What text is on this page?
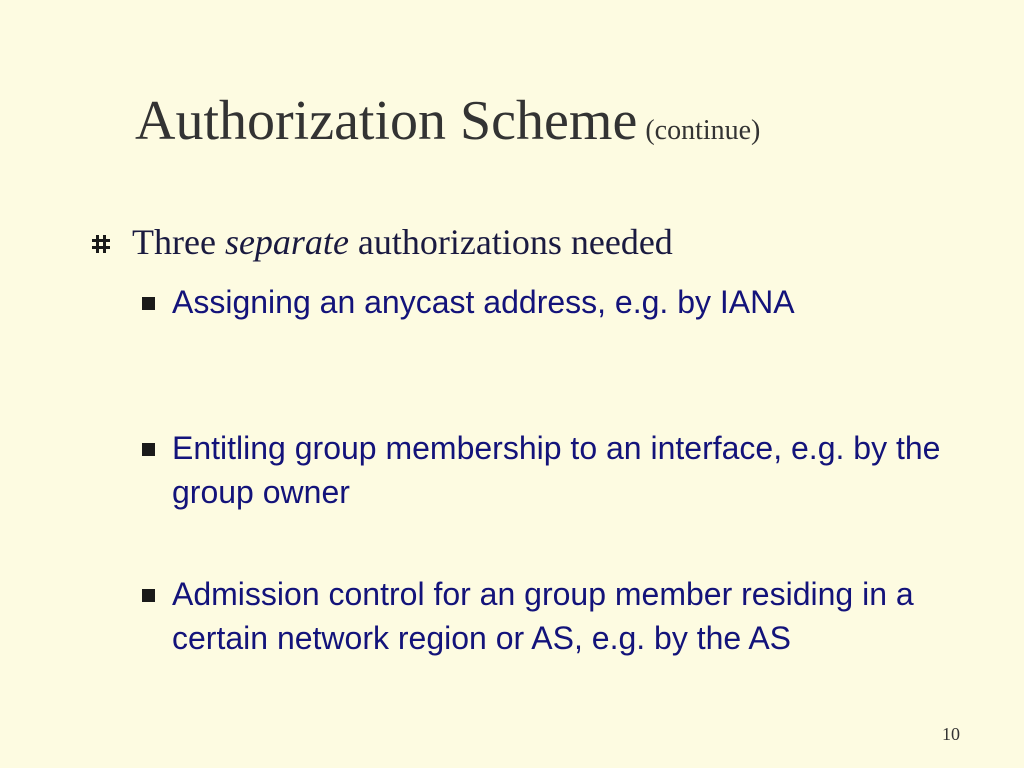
Authorization Scheme (continue)
Three separate authorizations needed
Assigning an anycast address, e.g. by IANA
Entitling group membership to an interface, e.g. by the group owner
Admission control for an group member residing in a certain network region or AS, e.g. by the AS
10
